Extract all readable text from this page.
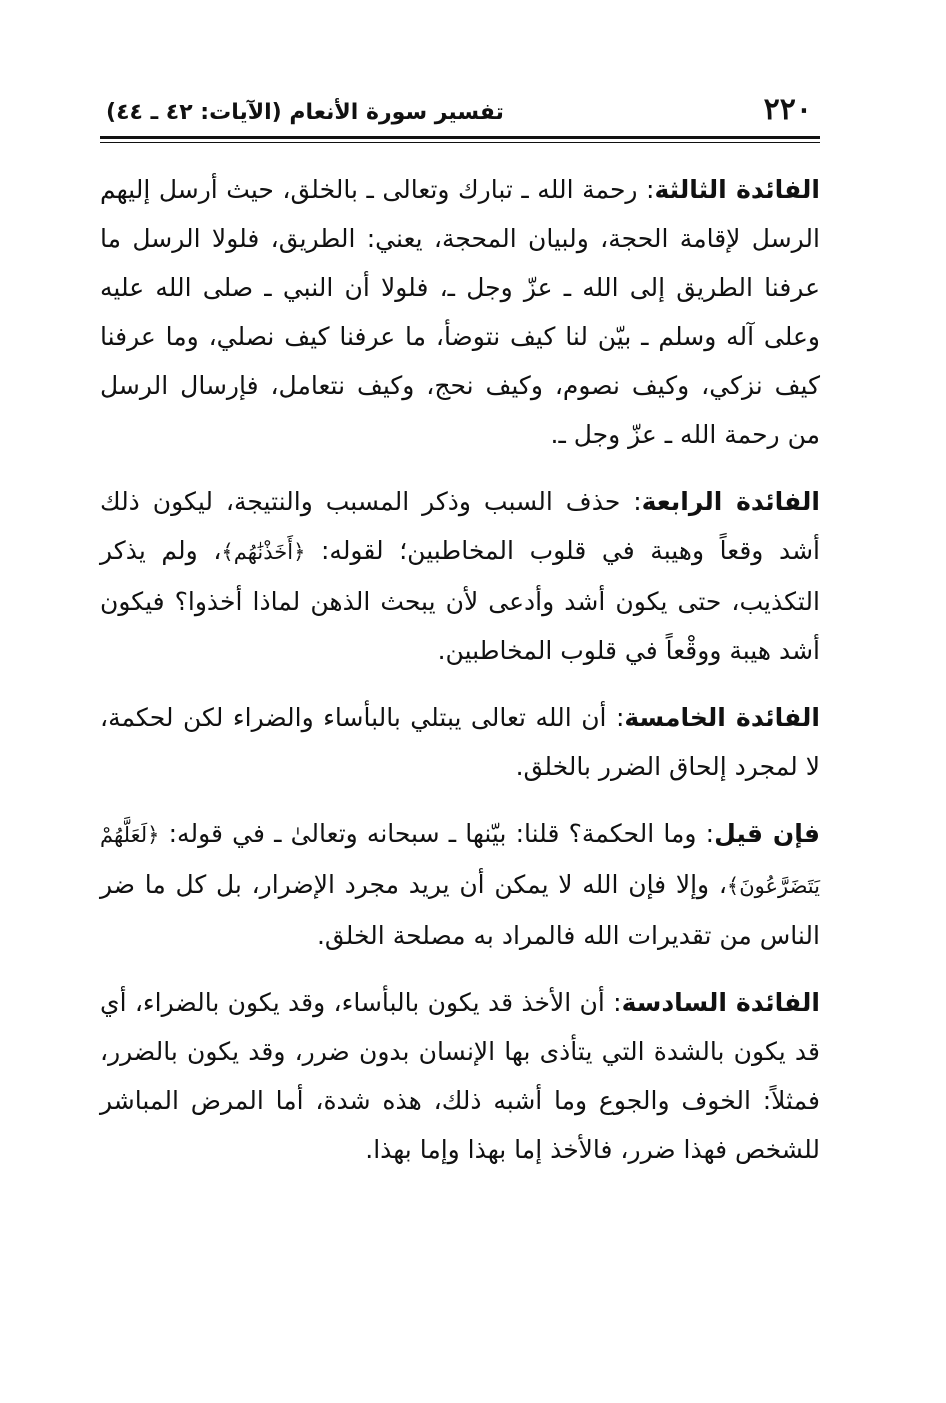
٢٢٠
تفسير سورة الأنعام (الآيات: ٤٢ ـ ٤٤)

الفائدة الثالثة: رحمة الله ـ تبارك وتعالى ـ بالخلق، حيث أرسل إليهم الرسل لإقامة الحجة، ولبيان المحجة، يعني: الطريق، فلولا الرسل ما عرفنا الطريق إلى الله ـ عزّ وجل ـ، فلولا أن النبي ـ صلى الله عليه وعلى آله وسلم ـ بيّن لنا كيف نتوضأ، ما عرفنا كيف نصلي، وما عرفنا كيف نزكي، وكيف نصوم، وكيف نحج، وكيف نتعامل، فإرسال الرسل من رحمة الله ـ عزّ وجل ـ.

الفائدة الرابعة: حذف السبب وذكر المسبب والنتيجة، ليكون ذلك أشد وقعاً وهيبة في قلوب المخاطبين؛ لقوله: ﴿أَخَذْنَٰهُم﴾، ولم يذكر التكذيب، حتى يكون أشد وأدعى لأن يبحث الذهن لماذا أخذوا؟ فيكون أشد هيبة ووقْعاً في قلوب المخاطبين.

الفائدة الخامسة: أن الله تعالى يبتلي بالبأساء والضراء لكن لحكمة، لا لمجرد إلحاق الضرر بالخلق.

فإن قيل: وما الحكمة؟ قلنا: بيّنها ـ سبحانه وتعالىٰ ـ في قوله: ﴿لَعَلَّهُمْ يَتَضَرَّعُونَ﴾، وإلا فإن الله لا يمكن أن يريد مجرد الإضرار، بل كل ما ضر الناس من تقديرات الله فالمراد به مصلحة الخلق.

الفائدة السادسة: أن الأخذ قد يكون بالبأساء، وقد يكون بالضراء، أي قد يكون بالشدة التي يتأذى بها الإنسان بدون ضرر، وقد يكون بالضرر، فمثلاً: الخوف والجوع وما أشبه ذلك، هذه شدة، أما المرض المباشر للشخص فهذا ضرر، فالأخذ إما بهذا وإما بهذا.
